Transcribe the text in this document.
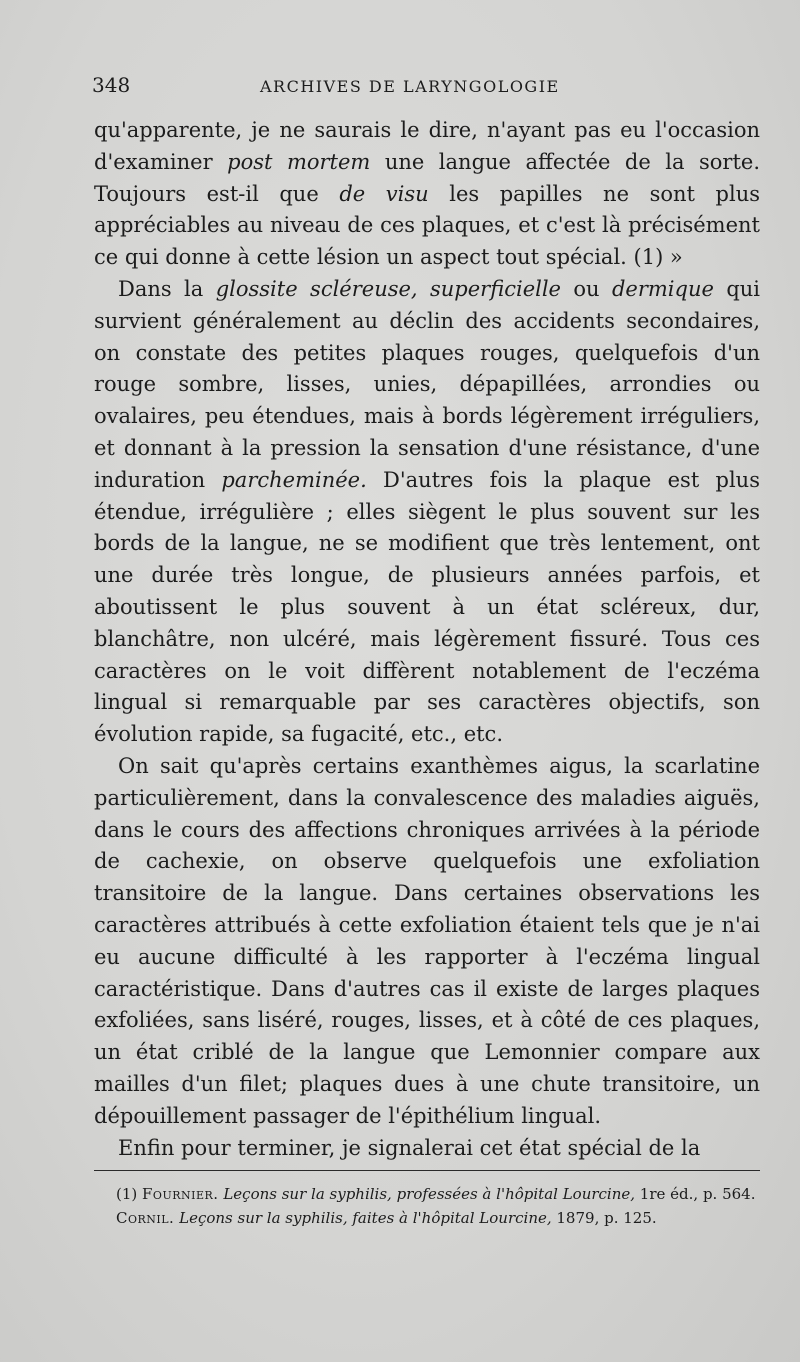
348	ARCHIVES DE LARYNGOLOGIE

qu'apparente, je ne saurais le dire, n'ayant pas eu l'occasion d'examiner post mortem une langue affectée de la sorte. Toujours est-il que de visu les papilles ne sont plus appréciables au niveau de ces plaques, et c'est là précisément ce qui donne à cette lésion un aspect tout spécial. (1) »

Dans la glossite scléreuse, superficielle ou dermique qui survient généralement au déclin des accidents secondaires, on constate des petites plaques rouges, quelquefois d'un rouge sombre, lisses, unies, dépapillées, arrondies ou ovalaires, peu étendues, mais à bords légèrement irréguliers, et donnant à la pression la sensation d'une résistance, d'une induration parcheminée. D'autres fois la plaque est plus étendue, irrégulière ; elles siègent le plus souvent sur les bords de la langue, ne se modifient que très lentement, ont une durée très longue, de plusieurs années parfois, et aboutissent le plus souvent à un état scléreux, dur, blanchâtre, non ulcéré, mais légèrement fissuré. Tous ces caractères on le voit diffèrent notablement de l'eczéma lingual si remarquable par ses caractères objectifs, son évolution rapide, sa fugacité, etc., etc.

On sait qu'après certains exanthèmes aigus, la scarlatine particulièrement, dans la convalescence des maladies aiguës, dans le cours des affections chroniques arrivées à la période de cachexie, on observe quelquefois une exfoliation transitoire de la langue. Dans certaines observations les caractères attribués à cette exfoliation étaient tels que je n'ai eu aucune difficulté à les rapporter à l'eczéma lingual caractéristique. Dans d'autres cas il existe de larges plaques exfoliées, sans liséré, rouges, lisses, et à côté de ces plaques, un état criblé de la langue que Lemonnier compare aux mailles d'un filet; plaques dues à une chute transitoire, un dépouillement passager de l'épithélium lingual.

Enfin pour terminer, je signalerai cet état spécial de la

(1) Fournier. Leçons sur la syphilis, professées à l'hôpital Lourcine, 1re éd., p. 564.

Cornil. Leçons sur la syphilis, faites à l'hôpital Lourcine, 1879, p. 125.
